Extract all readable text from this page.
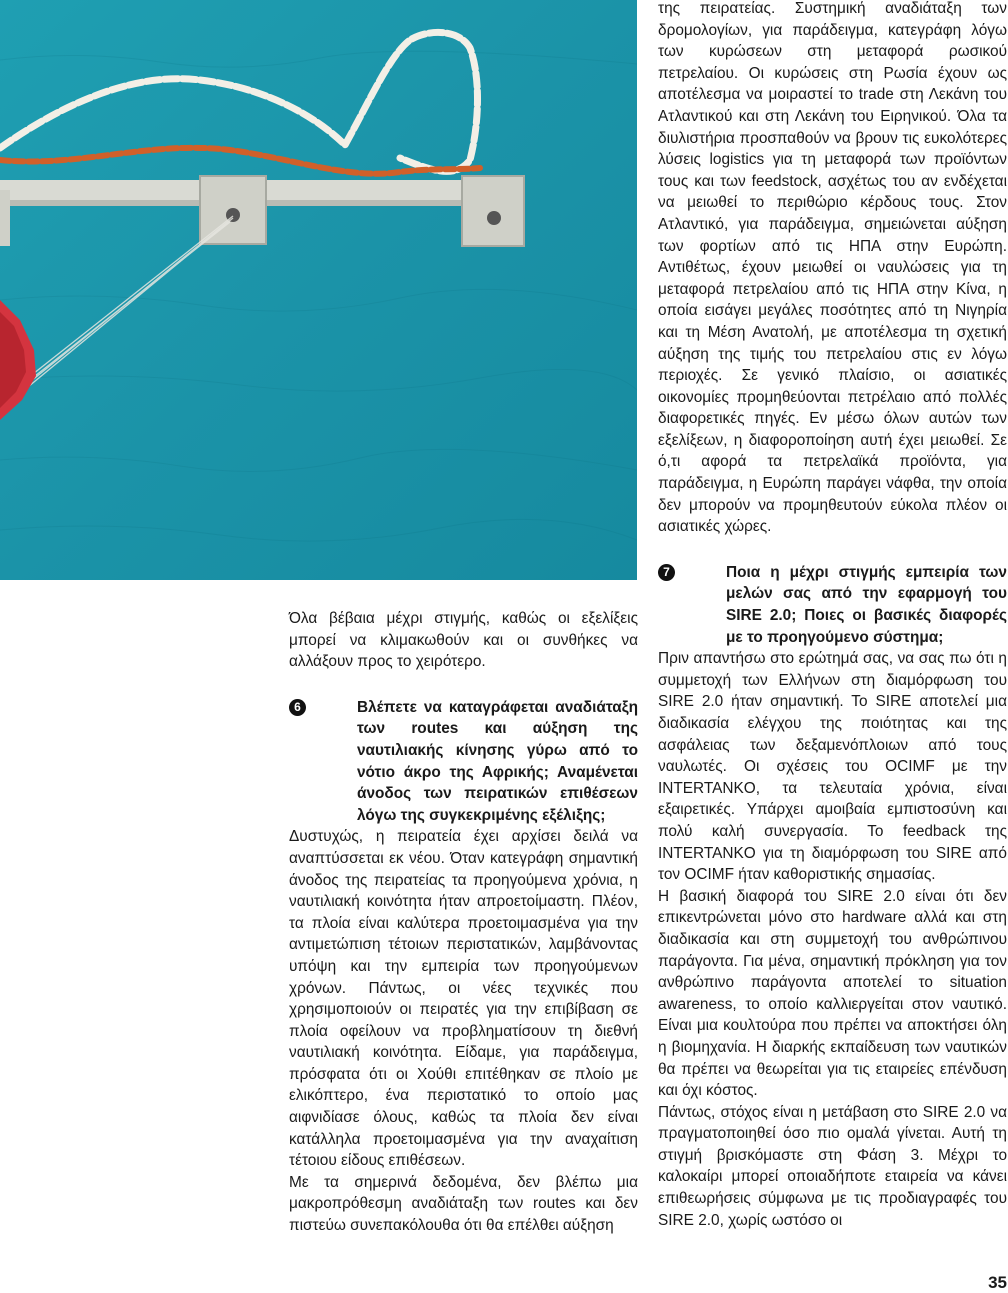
Όλα βέβαια μέχρι στιγμής, καθώς οι εξελίξεις μπορεί να κλιμακωθούν και οι συνθήκες να αλλάξουν προς το χειρότερο.

6	Βλέπετε να καταγράφεται αναδιάταξη των routes και αύξηση της ναυτιλιακής κίνησης γύρω από το νότιο άκρο της Αφρικής; Αναμένεται άνοδος των πειρατικών επιθέσεων λόγω της συγκεκριμένης εξέλιξης;

Δυστυχώς, η πειρατεία έχει αρχίσει δειλά να αναπτύσσεται εκ νέου. Όταν κατεγράφη σημαντική άνοδος της πειρατείας τα προηγούμενα χρόνια, η ναυτιλιακή κοινότητα ήταν απροετοίμαστη. Πλέον, τα πλοία είναι καλύτερα προετοιμασμένα για την αντιμετώπιση τέτοιων περιστατικών, λαμβάνοντας υπόψη και την εμπειρία των προηγούμενων χρόνων. Πάντως, οι νέες τεχνικές που χρησιμοποιούν οι πειρατές για την επιβίβαση σε πλοία οφείλουν να προβληματίσουν τη διεθνή ναυτιλιακή κοινότητα. Είδαμε, για παράδειγμα, πρόσφατα ότι οι Χούθι επιτέθηκαν σε πλοίο με ελικόπτερο, ένα περιστατικό το οποίο μας αιφνιδίασε όλους, καθώς τα πλοία δεν είναι κατάλληλα προετοιμασμένα για την αναχαίτιση τέτοιου είδους επιθέσεων.

Με τα σημερινά δεδομένα, δεν βλέπω μια μακροπρόθεσμη αναδιάταξη των routes και δεν πιστεύω συνεπακόλουθα ότι θα επέλθει αύξηση

της πειρατείας. Συστημική αναδιάταξη των δρομολογίων, για παράδειγμα, κατεγράφη λόγω των κυρώσεων στη μεταφορά ρωσικού πετρελαίου. Οι κυρώσεις στη Ρωσία έχουν ως αποτέλεσμα να μοιραστεί το trade στη Λεκάνη του Ατλαντικού και στη Λεκάνη του Ειρηνικού. Όλα τα διυλιστήρια προσπαθούν να βρουν τις ευκολότερες λύσεις logistics για τη μεταφορά των προϊόντων τους και των feedstock, ασχέτως του αν ενδέχεται να μειωθεί το περιθώριο κέρδους τους. Στον Ατλαντικό, για παράδειγμα, σημειώνεται αύξηση των φορτίων από τις ΗΠΑ στην Ευρώπη. Αντιθέτως, έχουν μειωθεί οι ναυλώσεις για τη μεταφορά πετρελαίου από τις ΗΠΑ στην Κίνα, η οποία εισάγει μεγάλες ποσότητες από τη Νιγηρία και τη Μέση Ανατολή, με αποτέλεσμα τη σχετική αύξηση της τιμής του πετρελαίου στις εν λόγω περιοχές. Σε γενικό πλαίσιο, οι ασιατικές οικονομίες προμηθεύονται πετρέλαιο από πολλές διαφορετικές πηγές. Εν μέσω όλων αυτών των εξελίξεων, η διαφοροποίηση αυτή έχει μειωθεί. Σε ό,τι αφορά τα πετρελαϊκά προϊόντα, για παράδειγμα, η Ευρώπη παράγει νάφθα, την οποία δεν μπορούν να προμηθευτούν εύκολα πλέον οι ασιατικές χώρες.

7	Ποια η μέχρι στιγμής εμπειρία των μελών σας από την εφαρμογή του SIRE 2.0; Ποιες οι βασικές διαφορές με το προηγούμενο σύστημα;

Πριν απαντήσω στο ερώτημά σας, να σας πω ότι η συμμετοχή των Ελλήνων στη διαμόρφωση του SIRE 2.0 ήταν σημαντική. Το SIRE αποτελεί μια διαδικασία ελέγχου της ποιότητας και της ασφάλειας των δεξαμενόπλοιων από τους ναυλωτές. Οι σχέσεις του OCIMF με την INTERTANKO, τα τελευταία χρόνια, είναι εξαιρετικές. Υπάρχει αμοιβαία εμπιστοσύνη και πολύ καλή συνεργασία. Το feedback της INTERTANKO για τη διαμόρφωση του SIRE από τον OCIMF ήταν καθοριστικής σημασίας.

Η βασική διαφορά του SIRE 2.0 είναι ότι δεν επικεντρώνεται μόνο στο hardware αλλά και στη διαδικασία και στη συμμετοχή του ανθρώπινου παράγοντα. Για μένα, σημαντική πρόκληση για τον ανθρώπινο παράγοντα αποτελεί το situation awareness, το οποίο καλλιεργείται στον ναυτικό. Είναι μια κουλτούρα που πρέπει να αποκτήσει όλη η βιομηχανία. Η διαρκής εκπαίδευση των ναυτικών θα πρέπει να θεωρείται για τις εταιρείες επένδυση και όχι κόστος.

Πάντως, στόχος είναι η μετάβαση στο SIRE 2.0 να πραγματοποιηθεί όσο πιο ομαλά γίνεται. Αυτή τη στιγμή βρισκόμαστε στη Φάση 3. Μέχρι το καλοκαίρι μπορεί οποιαδήποτε εταιρεία να κάνει επιθεωρήσεις σύμφωνα με τις προδιαγραφές του SIRE 2.0, χωρίς ωστόσο οι

35
